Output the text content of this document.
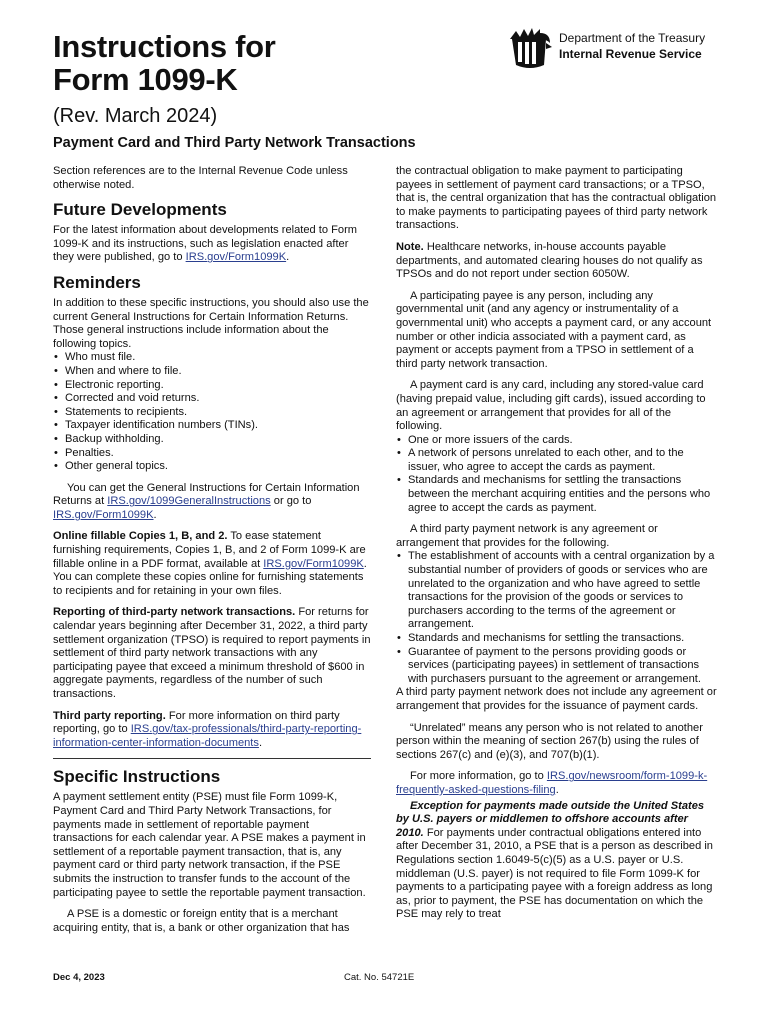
Instructions for
Form 1099-K
(Rev. March 2024)
Payment Card and Third Party Network Transactions
Department of the Treasury
Internal Revenue Service

Section references are to the Internal Revenue Code unless otherwise noted.

Future Developments

For the latest information about developments related to Form 1099-K and its instructions, such as legislation enacted after they were published, go to IRS.gov/Form1099K.

Reminders

In addition to these specific instructions, you should also use the current General Instructions for Certain Information Returns. Those general instructions include information about the following topics.

• Who must file.
• When and where to file.
• Electronic reporting.
• Corrected and void returns.
• Statements to recipients.
• Taxpayer identification numbers (TINs).
• Backup withholding.
• Penalties.
• Other general topics.

You can get the General Instructions for Certain Information Returns at IRS.gov/1099GeneralInstructions or go to IRS.gov/Form1099K.

Online fillable Copies 1, B, and 2. To ease statement furnishing requirements, Copies 1, B, and 2 of Form 1099-K are fillable online in a PDF format, available at IRS.gov/Form1099K. You can complete these copies online for furnishing statements to recipients and for retaining in your own files.

Reporting of third-party network transactions. For returns for calendar years beginning after December 31, 2022, a third party settlement organization (TPSO) is required to report payments in settlement of third party network transactions with any participating payee that exceed a minimum threshold of $600 in aggregate payments, regardless of the number of such transactions.

Third party reporting. For more information on third party reporting, go to IRS.gov/tax-professionals/third-party-reporting-information-center-information-documents.

Specific Instructions

A payment settlement entity (PSE) must file Form 1099-K, Payment Card and Third Party Network Transactions, for payments made in settlement of reportable payment transactions for each calendar year. A PSE makes a payment in settlement of a reportable payment transaction, that is, any payment card or third party network transaction, if the PSE submits the instruction to transfer funds to the account of the participating payee to settle the reportable payment transaction.

A PSE is a domestic or foreign entity that is a merchant acquiring entity, that is, a bank or other organization that has

the contractual obligation to make payment to participating payees in settlement of payment card transactions; or a TPSO, that is, the central organization that has the contractual obligation to make payments to participating payees of third party network transactions.

Note. Healthcare networks, in-house accounts payable departments, and automated clearing houses do not qualify as TPSOs and do not report under section 6050W.

A participating payee is any person, including any governmental unit (and any agency or instrumentality of a governmental unit) who accepts a payment card, or any account number or other indicia associated with a payment card, as payment or accepts payment from a TPSO in settlement of a third party network transaction.

A payment card is any card, including any stored-value card (having prepaid value, including gift cards), issued according to an agreement or arrangement that provides for all of the following.

• One or more issuers of the cards.
• A network of persons unrelated to each other, and to the issuer, who agree to accept the cards as payment.
• Standards and mechanisms for settling the transactions between the merchant acquiring entities and the persons who agree to accept the cards as payment.

A third party payment network is any agreement or arrangement that provides for the following.

• The establishment of accounts with a central organization by a substantial number of providers of goods or services who are unrelated to the organization and who have agreed to settle transactions for the provision of the goods or services to purchasers according to the terms of the agreement or arrangement.
• Standards and mechanisms for settling the transactions.
• Guarantee of payment to the persons providing goods or services (participating payees) in settlement of transactions with purchasers pursuant to the agreement or arrangement.

A third party payment network does not include any agreement or arrangement that provides for the issuance of payment cards.

“Unrelated” means any person who is not related to another person within the meaning of section 267(b) using the rules of sections 267(c) and (e)(3), and 707(b)(1).

For more information, go to IRS.gov/newsroom/form-1099-k-frequently-asked-questions-filing.

Exception for payments made outside the United States by U.S. payers or middlemen to offshore accounts after 2010. For payments under contractual obligations entered into after December 31, 2010, a PSE that is a person as described in Regulations section 1.6049-5(c)(5) as a U.S. payer or U.S. middleman (U.S. payer) is not required to file Form 1099-K for payments to a participating payee with a foreign address as long as, prior to payment, the PSE has documentation on which the PSE may rely to treat

Dec 4, 2023	Cat. No. 54721E
